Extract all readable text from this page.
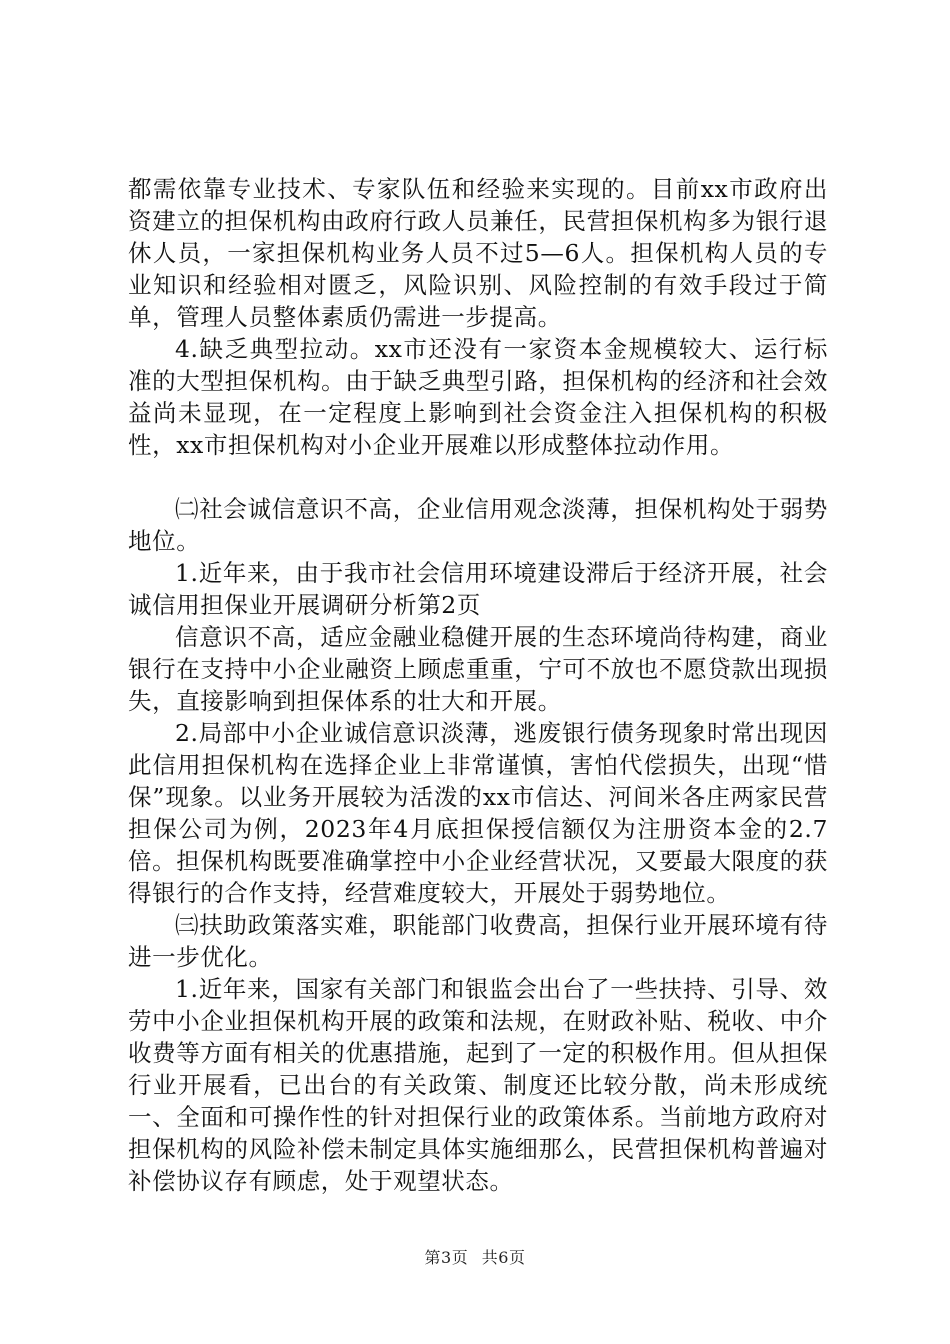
都需依靠专业技术、专家队伍和经验来实现的。目前xx市政府出资建立的担保机构由政府行政人员兼任，民营担保机构多为银行退休人员，一家担保机构业务人员不过5—6人。担保机构人员的专业知识和经验相对匮乏，风险识别、风险控制的有效手段过于简单，管理人员整体素质仍需进一步提高。

4.缺乏典型拉动。xx市还没有一家资本金规模较大、运行标准的大型担保机构。由于缺乏典型引路，担保机构的经济和社会效益尚未显现，在一定程度上影响到社会资金注入担保机构的积极性，xx市担保机构对小企业开展难以形成整体拉动作用。

㈡社会诚信意识不高，企业信用观念淡薄，担保机构处于弱势地位。

1.近年来，由于我市社会信用环境建设滞后于经济开展，社会诚信用担保业开展调研分析第2页

信意识不高，适应金融业稳健开展的生态环境尚待构建，商业银行在支持中小企业融资上顾虑重重，宁可不放也不愿贷款出现损失，直接影响到担保体系的壮大和开展。

2.局部中小企业诚信意识淡薄，逃废银行债务现象时常出现因此信用担保机构在选择企业上非常谨慎，害怕代偿损失，出现“惜保”现象。以业务开展较为活泼的xx市信达、河间米各庄两家民营担保公司为例，2023年4月底担保授信额仅为注册资本金的2.7倍。担保机构既要准确掌控中小企业经营状况，又要最大限度的获得银行的合作支持，经营难度较大，开展处于弱势地位。

㈢扶助政策落实难，职能部门收费高，担保行业开展环境有待进一步优化。

1.近年来，国家有关部门和银监会出台了一些扶持、引导、效劳中小企业担保机构开展的政策和法规，在财政补贴、税收、中介收费等方面有相关的优惠措施，起到了一定的积极作用。但从担保行业开展看，已出台的有关政策、制度还比较分散，尚未形成统一、全面和可操作性的针对担保行业的政策体系。当前地方政府对担保机构的风险补偿未制定具体实施细那么，民营担保机构普遍对补偿协议存有顾虑，处于观望状态。

第3页 共6页
